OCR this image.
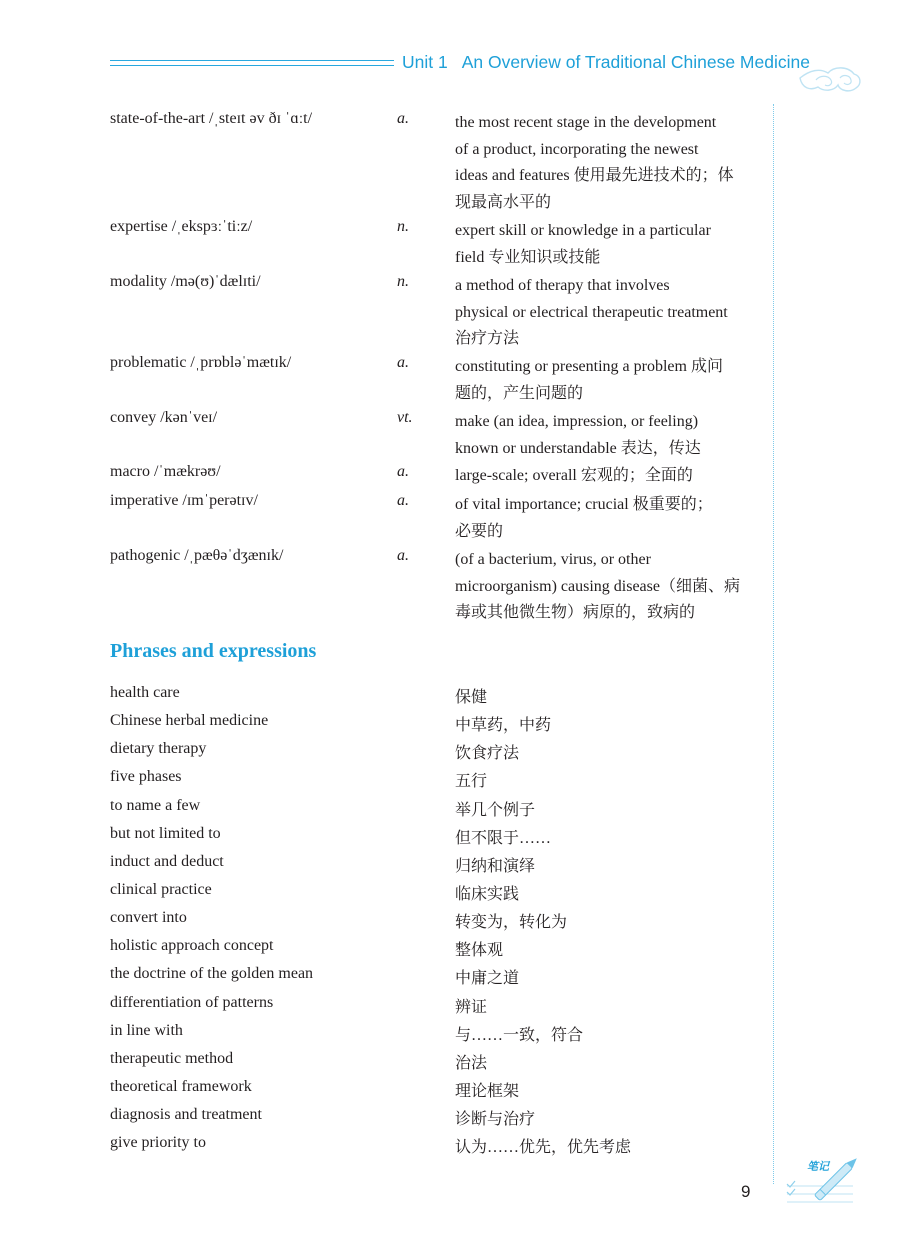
Unit 1 An Overview of Traditional Chinese Medicine
state-of-the-art /ˌsteɪt əv ðɪ ˈɑːt/	a.	the most recent stage in the development
of a product, incorporating the newest
ideas and features 使用最先进技术的；体
现最高水平的
expertise /ˌekspɜːˈtiːz/	n.	expert skill or knowledge in a particular
field 专业知识或技能
modality /mə(ʊ)ˈdælɪti/	n.	a method of therapy that involves
physical or electrical therapeutic treatment
治疗方法
problematic /ˌprɒbləˈmætɪk/	a.	constituting or presenting a problem 成问
题的，产生问题的
convey /kənˈveɪ/	vt.	make (an idea, impression, or feeling)
known or understandable 表达，传达
macro /ˈmækrəʊ/	a.	large-scale; overall 宏观的；全面的
imperative /ɪmˈperətɪv/	a.	of vital importance; crucial 极重要的；
必要的
pathogenic /ˌpæθəˈdʒænɪk/	a.	(of a bacterium, virus, or other
microorganism) causing disease（细菌、病
毒或其他微生物）病原的，致病的
Phrases and expressions
health care	保健
Chinese herbal medicine	中草药，中药
dietary therapy	饮食疗法
five phases	五行
to name a few	举几个例子
but not limited to	但不限于……
induct and deduct	归纳和演绎
clinical practice	临床实践
convert into	转变为，转化为
holistic approach concept	整体观
the doctrine of the golden mean	中庸之道
differentiation of patterns	辨证
in line with	与……一致，符合
therapeutic method	治法
theoretical framework	理论框架
diagnosis and treatment	诊断与治疗
give priority to	认为……优先，优先考虑
9
笔记
